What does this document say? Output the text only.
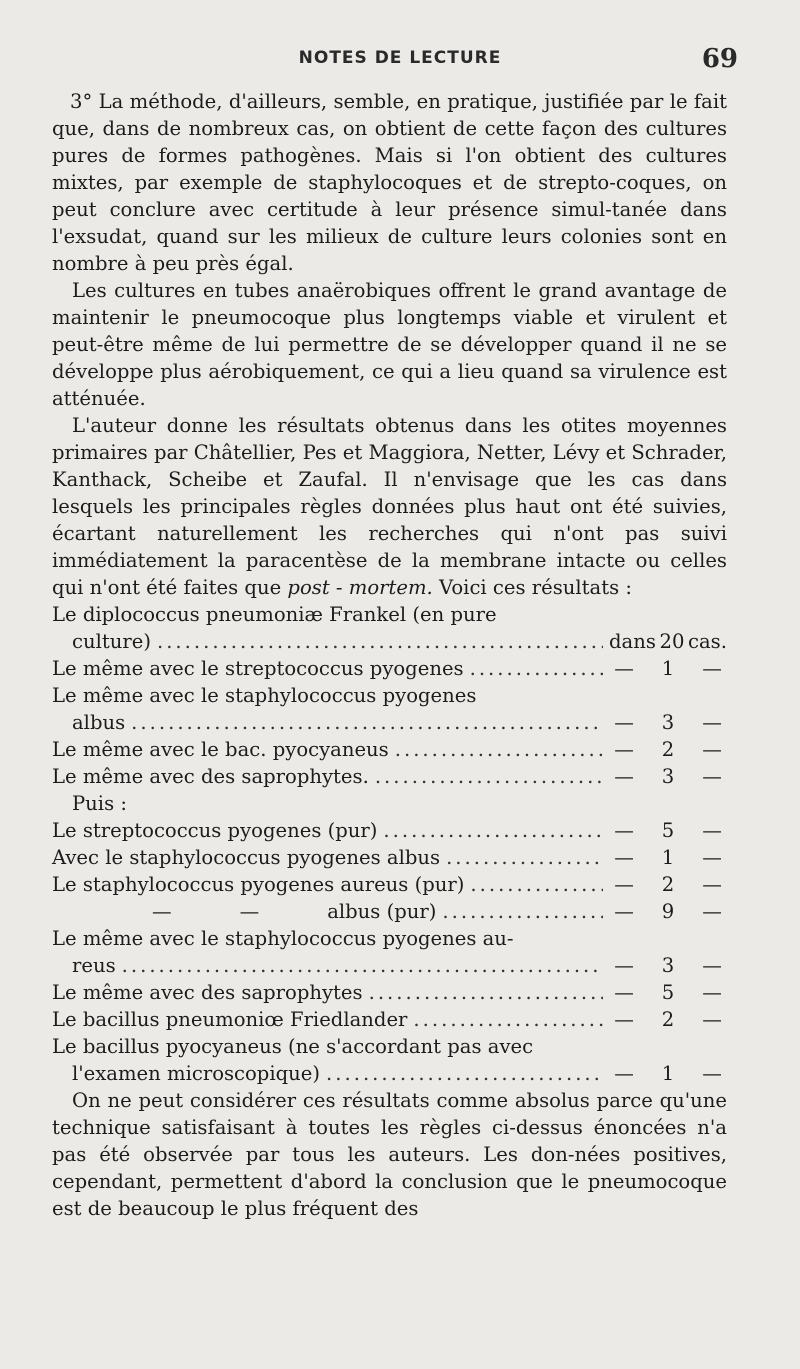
NOTES DE LECTURE	69

3° La méthode, d'ailleurs, semble, en pratique, justifiée par le fait que, dans de nombreux cas, on obtient de cette façon des cultures pures de formes pathogènes. Mais si l'on obtient des cultures mixtes, par exemple de staphylocoques et de strepto-coques, on peut conclure avec certitude à leur présence simul-tanée dans l'exsudat, quand sur les milieux de culture leurs colonies sont en nombre à peu près égal.

Les cultures en tubes anaërobiques offrent le grand avantage de maintenir le pneumocoque plus longtemps viable et virulent et peut-être même de lui permettre de se développer quand il ne se développe plus aérobiquement, ce qui a lieu quand sa virulence est atténuée.

L'auteur donne les résultats obtenus dans les otites moyennes primaires par Châtellier, Pes et Maggiora, Netter, Lévy et Schrader, Kanthack, Scheibe et Zaufal. Il n'envisage que les cas dans lesquels les principales règles données plus haut ont été suivies, écartant naturellement les recherches qui n'ont pas suivi immédiatement la paracentèse de la membrane intacte ou celles qui n'ont été faites que post - mortem. Voici ces résultats :

Le diplococcus pneumoniæ Frankel (en pure
culture) .....	dans 20 cas.
Le même avec le streptococcus pyogenes .....	— 1 —
Le même avec le staphylococcus pyogenes
albus .....	— 3 —
Le même avec le bac. pyocyaneus .....	— 2 —
Le même avec des saprophytes. .....	— 3 —
Puis :
Le streptococcus pyogenes (pur) .....	— 5 —
Avec le staphylococcus pyogenes albus .....	— 1 —
Le staphylococcus pyogenes aureus (pur) .....	— 2 —
—	—	albus (pur) .....	— 9 —
Le même avec le staphylococcus pyogenes au-
reus .....	— 3 —
Le même avec des saprophytes .....	— 5 —
Le bacillus pneumoniœ Friedlander .....	— 2 —
Le bacillus pyocyaneus (ne s'accordant pas avec
l'examen microscopique) .....	— 1 —

On ne peut considérer ces résultats comme absolus parce qu'une technique satisfaisant à toutes les règles ci-dessus énoncées n'a pas été observée par tous les auteurs. Les don-nées positives, cependant, permettent d'abord la conclusion que le pneumocoque est de beaucoup le plus fréquent des
